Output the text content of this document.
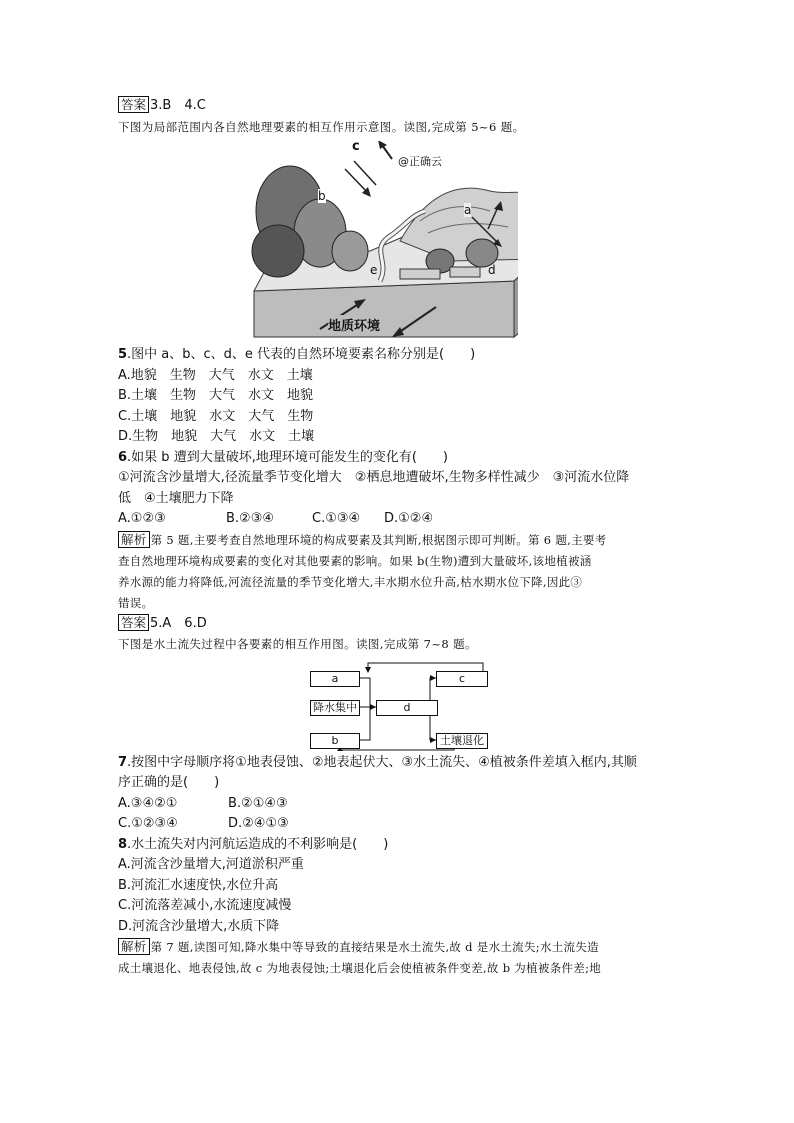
答案 3.B　4.C
下图为局部范围内各自然地理要素的相互作用示意图。读图,完成第 5~6 题。
c
@正确云
b
a
e	d
地质环境
5.图中 a、b、c、d、e 代表的自然环境要素名称分别是(　　)
A.地貌　生物　大气　水文　土壤
B.土壤　生物　大气　水文　地貌
C.土壤　地貌　水文　大气　生物
D.生物　地貌　大气　水文　土壤
6.如果 b 遭到大量破坏,地理环境可能发生的变化有(　　)
①河流含沙量增大,径流量季节变化增大　②栖息地遭破坏,生物多样性减少　③河流水位降
低　④土壤肥力下降
A.①②③	B.②③④	C.①③④ D.①②④
解析 第 5 题,主要考查自然地理环境的构成要素及其判断,根据图示即可判断。第 6 题,主要考
查自然地理环境构成要素的变化对其他要素的影响。如果 b(生物)遭到大量破坏,该地植被涵
养水源的能力将降低,河流径流量的季节变化增大,丰水期水位升高,枯水期水位下降,因此③
错误。
答案 5.A　6.D
下图是水土流失过程中各要素的相互作用图。读图,完成第 7~8 题。
a
降水集中
b
d
c
土壤退化
7.按图中字母顺序将①地表侵蚀、②地表起伏大、③水土流失、④植被条件差填入框内,其顺
序正确的是(　　)
A.③④②①	B.②①④③
C.①②③④	D.②④①③
8.水土流失对内河航运造成的不利影响是(　　)
A.河流含沙量增大,河道淤积严重
B.河流汇水速度快,水位升高
C.河流落差减小,水流速度减慢
D.河流含沙量增大,水质下降
解析 第 7 题,读图可知,降水集中等导致的直接结果是水土流失,故 d 是水土流失;水土流失造
成土壤退化、地表侵蚀,故 c 为地表侵蚀;土壤退化后会使植被条件变差,故 b 为植被条件差;地
